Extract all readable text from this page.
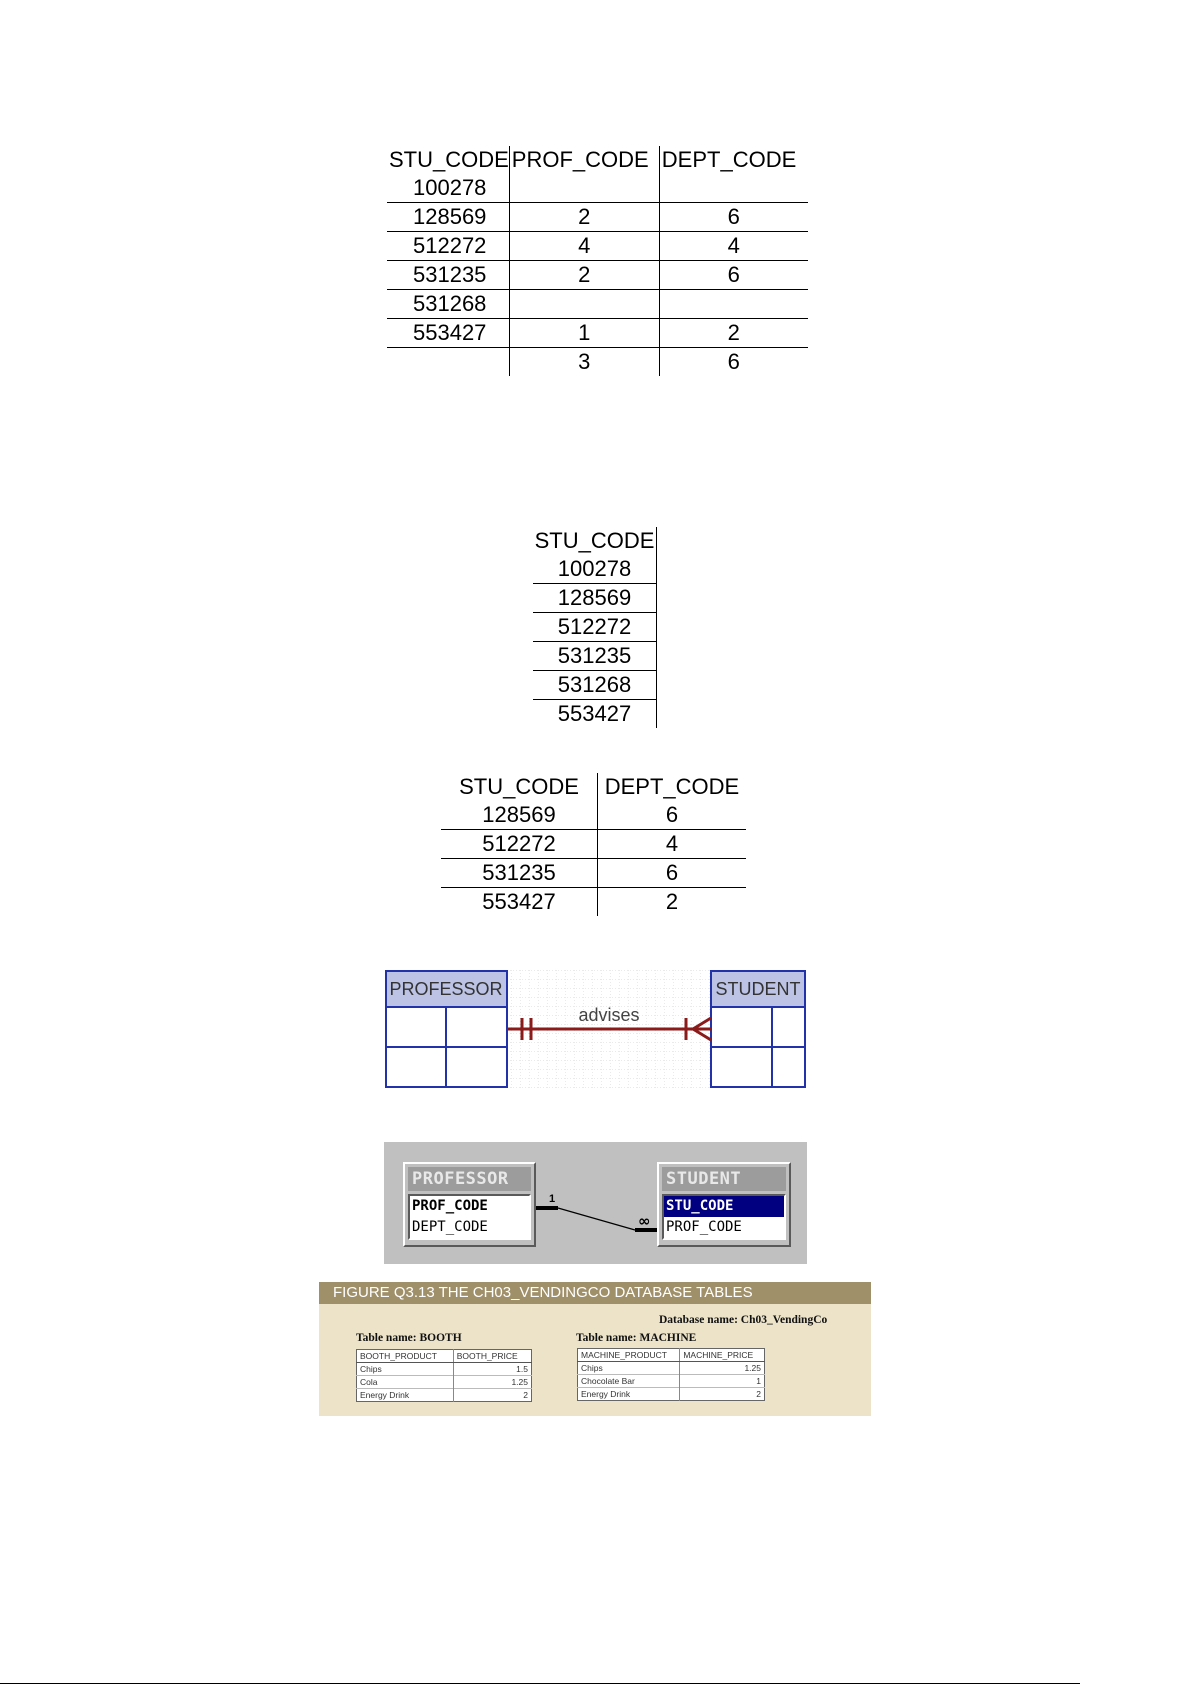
STU_CODE	PROF_CODE	DEPT_CODE
100278		
128569	2	6
512272	4	4
531235	2	6
531268		
553427	1	2
	3	6
STU_CODE
100278
128569
512272
531235
531268
553427
STU_CODE	DEPT_CODE
128569	6
512272	4
531235	6
553427	2
PROFESSOR	STUDENT
advises
PROFESSOR
PROF_CODE
DEPT_CODE
STUDENT
STU_CODE
PROF_CODE
1
∞
FIGURE Q3.13 THE CH03_VENDINGCO DATABASE TABLES
Database name: Ch03_VendingCo
Table name: BOOTH
BOOTH_PRODUCT	BOOTH_PRICE
Chips	1.5
Cola	1.25
Energy Drink	2
Table name: MACHINE
MACHINE_PRODUCT	MACHINE_PRICE
Chips	1.25
Chocolate Bar	1
Energy Drink	2
